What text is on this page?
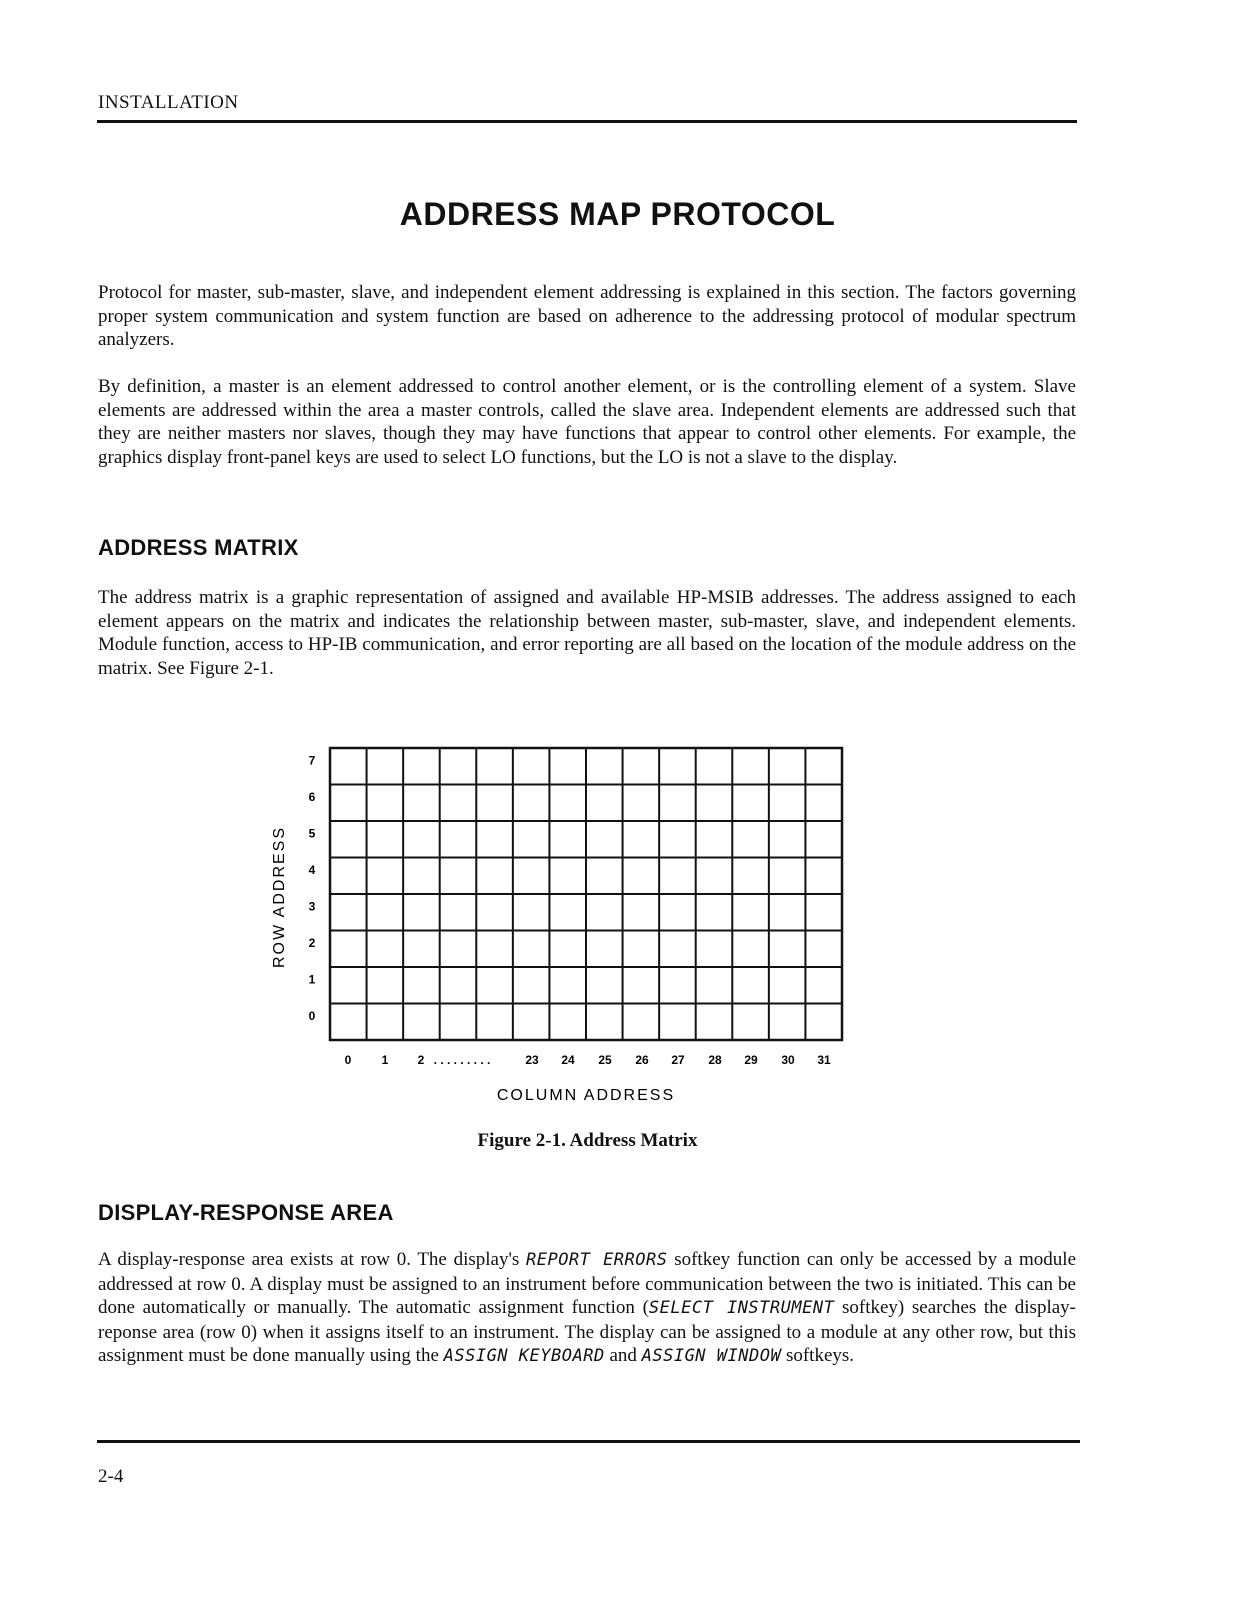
INSTALLATION
ADDRESS MAP PROTOCOL

Protocol for master, sub-master, slave, and independent element addressing is explained in this section. The factors governing proper system communication and system function are based on adherence to the addressing protocol of modular spectrum analyzers.

By definition, a master is an element addressed to control another element, or is the controlling element of a system. Slave elements are addressed within the area a master controls, called the slave area. Independent elements are addressed such that they are neither masters nor slaves, though they may have functions that appear to control other elements. For example, the graphics display front-panel keys are used to select LO functions, but the LO is not a slave to the display.

ADDRESS MATRIX

The address matrix is a graphic representation of assigned and available HP-MSIB addresses. The address assigned to each element appears on the matrix and indicates the relationship between master, sub-master, slave, and independent elements. Module function, access to HP-IB communication, and error reporting are all based on the location of the module address on the matrix. See Figure 2-1.

ROW ADDRESS
7
6
5
4
3
2
1
0
0	1 2 . . . . . . . . .	23 24 25 26 27 28 29 30 31
COLUMN ADDRESS
Figure 2-1. Address Matrix
DISPLAY-RESPONSE AREA

A display-response area exists at row 0. The display's REPORT ERRORS softkey function can only be accessed by a module addressed at row 0. A display must be assigned to an instrument before communication between the two is initiated. This can be done automatically or manually. The automatic assignment function (SELECT INSTRUMENT softkey) searches the display-reponse area (row 0) when it assigns itself to an instrument. The display can be assigned to a module at any other row, but this assignment must be done manually using the ASSIGN KEYBOARD and ASSIGN WINDOW softkeys.

2-4
